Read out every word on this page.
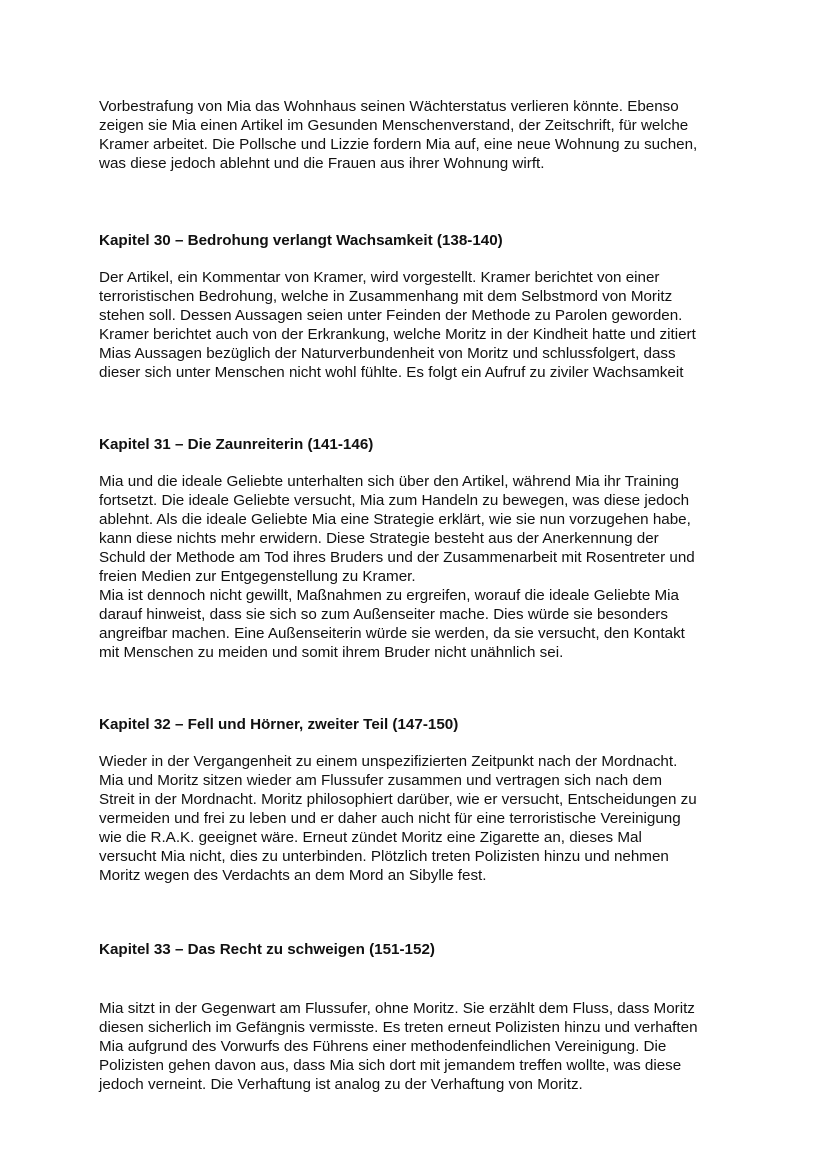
Vorbestrafung von Mia das Wohnhaus seinen Wächterstatus verlieren könnte. Ebenso

zeigen sie Mia einen Artikel im Gesunden Menschenverstand, der Zeitschrift, für welche

Kramer arbeitet. Die Pollsche und Lizzie fordern Mia auf, eine neue Wohnung zu suchen,

was diese jedoch ablehnt und die Frauen aus ihrer Wohnung wirft.

Kapitel 30 – Bedrohung verlangt Wachsamkeit (138-140)

Der Artikel, ein Kommentar von Kramer, wird vorgestellt. Kramer berichtet von einer

terroristischen Bedrohung, welche in Zusammenhang mit dem Selbstmord von Moritz

stehen soll. Dessen Aussagen seien unter Feinden der Methode zu Parolen geworden.

Kramer berichtet auch von der Erkrankung, welche Moritz in der Kindheit hatte und zitiert

Mias Aussagen bezüglich der Naturverbundenheit von Moritz und schlussfolgert, dass

dieser sich unter Menschen nicht wohl fühlte. Es folgt ein Aufruf zu ziviler Wachsamkeit

Kapitel 31 – Die Zaunreiterin (141-146)

Mia und die ideale Geliebte unterhalten sich über den Artikel, während Mia ihr Training

fortsetzt. Die ideale Geliebte versucht, Mia zum Handeln zu bewegen, was diese jedoch

ablehnt. Als die ideale Geliebte Mia eine Strategie erklärt, wie sie nun vorzugehen habe,

kann diese nichts mehr erwidern. Diese Strategie besteht aus der Anerkennung der

Schuld der Methode am Tod ihres Bruders und der Zusammenarbeit mit Rosentreter und

freien Medien zur Entgegenstellung zu Kramer.

Mia ist dennoch nicht gewillt, Maßnahmen zu ergreifen, worauf die ideale Geliebte Mia

darauf hinweist, dass sie sich so zum Außenseiter mache. Dies würde sie besonders

angreifbar machen. Eine Außenseiterin würde sie werden, da sie versucht, den Kontakt

mit Menschen zu meiden und somit ihrem Bruder nicht unähnlich sei.

Kapitel 32 – Fell und Hörner, zweiter Teil (147-150)

Wieder in der Vergangenheit zu einem unspezifizierten Zeitpunkt nach der Mordnacht.

Mia und Moritz sitzen wieder am Flussufer zusammen und vertragen sich nach dem

Streit in der Mordnacht. Moritz philosophiert darüber, wie er versucht, Entscheidungen zu

vermeiden und frei zu leben und er daher auch nicht für eine terroristische Vereinigung

wie die R.A.K. geeignet wäre. Erneut zündet Moritz eine Zigarette an, dieses Mal

versucht Mia nicht, dies zu unterbinden. Plötzlich treten Polizisten hinzu und nehmen

Moritz wegen des Verdachts an dem Mord an Sibylle fest.

Kapitel 33 – Das Recht zu schweigen (151-152)

Mia sitzt in der Gegenwart am Flussufer, ohne Moritz. Sie erzählt dem Fluss, dass Moritz

diesen sicherlich im Gefängnis vermisste. Es treten erneut Polizisten hinzu und verhaften

Mia aufgrund des Vorwurfs des Führens einer methodenfeindlichen Vereinigung. Die

Polizisten gehen davon aus, dass Mia sich dort mit jemandem treffen wollte, was diese

jedoch verneint. Die Verhaftung ist analog zu der Verhaftung von Moritz.
